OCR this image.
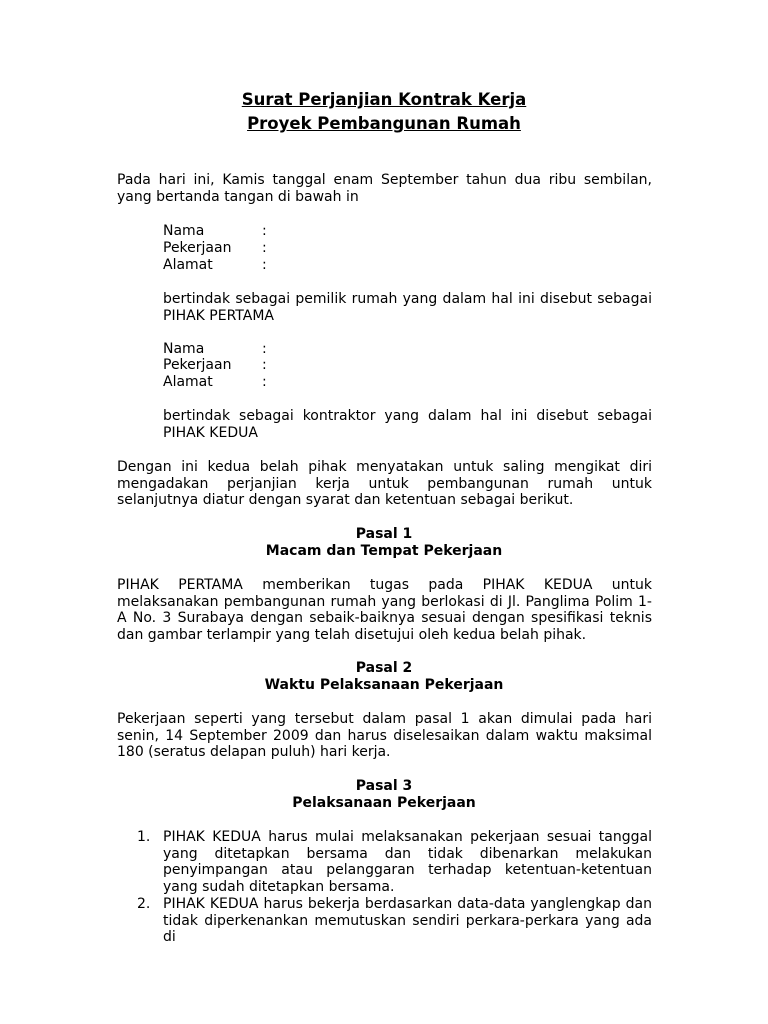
Surat Perjanjian Kontrak Kerja
Proyek Pembangunan Rumah
Pada hari ini, Kamis tanggal enam September tahun dua ribu sembilan, yang bertanda tangan di bawah in
Nama	:
Pekerjaan :
Alamat	:
bertindak sebagai pemilik rumah yang dalam hal ini disebut sebagai PIHAK PERTAMA
Nama	:
Pekerjaan :
Alamat	:
bertindak sebagai kontraktor yang dalam hal ini disebut sebagai PIHAK KEDUA
Dengan ini kedua belah pihak menyatakan untuk saling mengikat diri mengadakan perjanjian kerja untuk pembangunan rumah untuk selanjutnya diatur dengan syarat dan ketentuan sebagai berikut.
Pasal 1
Macam dan Tempat Pekerjaan
PIHAK PERTAMA memberikan tugas pada PIHAK KEDUA untuk melaksanakan pembangunan rumah yang berlokasi di Jl. Panglima Polim 1-A No. 3 Surabaya dengan sebaik-baiknya sesuai dengan spesifikasi teknis dan gambar terlampir yang telah disetujui oleh kedua belah pihak.
Pasal 2
Waktu Pelaksanaan Pekerjaan
Pekerjaan seperti yang tersebut dalam pasal 1 akan dimulai pada hari senin, 14 September 2009 dan harus diselesaikan dalam waktu maksimal 180 (seratus delapan puluh) hari kerja.
Pasal 3
Pelaksanaan Pekerjaan
1. PIHAK KEDUA harus mulai melaksanakan pekerjaan sesuai tanggal yang ditetapkan bersama dan tidak dibenarkan melakukan penyimpangan atau pelanggaran terhadap ketentuan-ketentuan yang sudah ditetapkan bersama.
2. PIHAK KEDUA harus bekerja berdasarkan data-data yanglengkap dan tidak diperkenankan memutuskan sendiri perkara-perkara yang ada di
